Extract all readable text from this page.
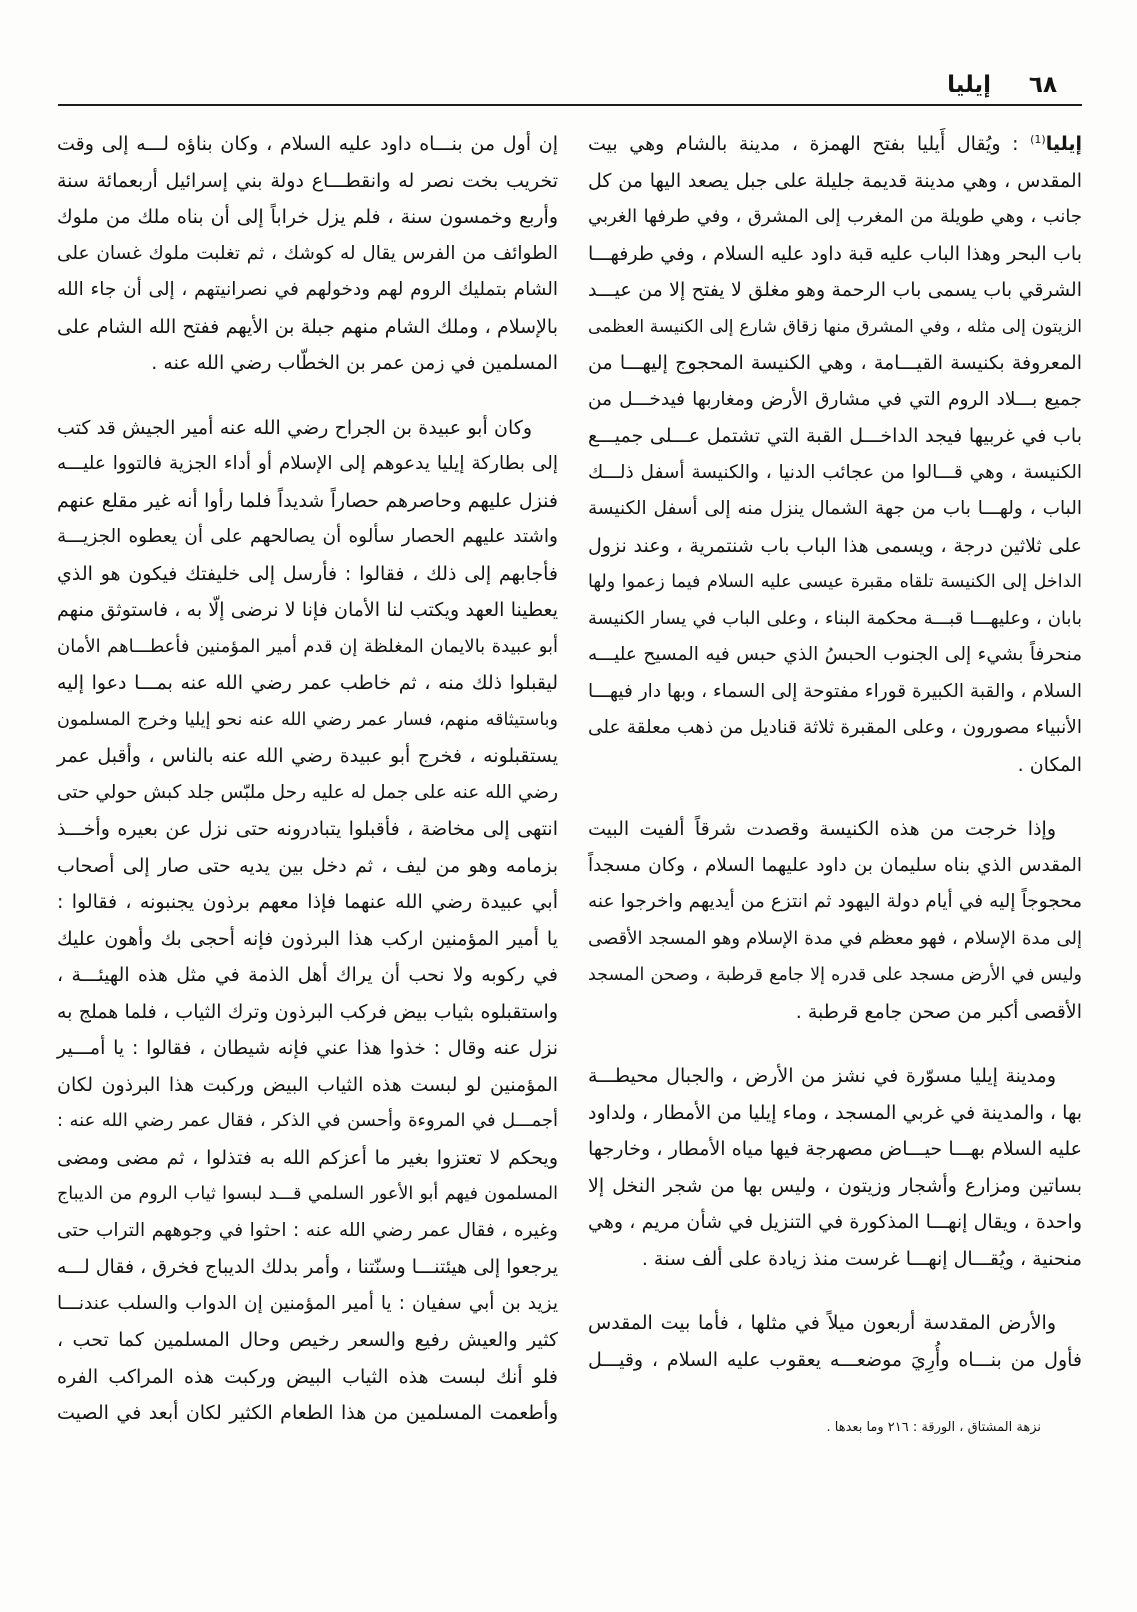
٦٨
إيليا
إيليا$^{(1)}$ : ويُقال أَيليا بفتح الهمزة ، مدينة بالشام وهي بيت
المقدس ، وهي مدينة قديمة جليلة على جبل يصعد اليها من كل
جانب ، وهي طويلة من المغرب إلى المشرق ، وفي طرفها الغربي
باب البحر وهذا الباب عليه قبة داود عليه السلام ، وفي طرفهـــا
الشرقي باب يسمى باب الرحمة وهو مغلق لا يفتح إلا من عيـــد
الزيتون إلى مثله ، وفي المشرق منها زقاق شارع إلى الكنيسة العظمى
المعروفة بكنيسة القيـــامة ، وهي الكنيسة المحجوج إليهـــا من
جميع بـــلاد الروم التي في مشارق الأرض ومغاربها فيدخـــل من
باب في غربيها فيجد الداخـــل القبة التي تشتمل عـــلى جميـــع
الكنيسة ، وهي قـــالوا من عجائب الدنيا ، والكنيسة أسفل ذلـــك
الباب ، ولهـــا باب من جهة الشمال ينزل منه إلى أسفل الكنيسة
على ثلاثين درجة ، ويسمى هذا الباب باب شنتمرية ، وعند نزول
الداخل إلى الكنيسة تلقاه مقبرة عيسى عليه السلام فيما زعموا ولها
بابان ، وعليهـــا قبـــة محكمة البناء ، وعلى الباب في يسار الكنيسة
منحرفاً بشيء إلى الجنوب الحبسُ الذي حبس فيه المسيح عليـــه
السلام ، والقبة الكبيرة قوراء مفتوحة إلى السماء ، وبها دار فيهـــا
الأنبياء مصورون ، وعلى المقبرة ثلاثة قناديل من ذهب معلقة على
المكان .
وإذا خرجت من هذه الكنيسة وقصدت شرقاً ألفيت البيت
المقدس الذي بناه سليمان بن داود عليهما السلام ، وكان مسجداً
محجوجاً إليه في أيام دولة اليهود ثم انتزع من أيديهم واخرجوا عنه
إلى مدة الإسلام ، فهو معظم في مدة الإسلام وهو المسجد الأقصى
وليس في الأرض مسجد على قدره إلا جامع قرطبة ، وصحن المسجد
الأقصى أكبر من صحن جامع قرطبة .
ومدينة إيليا مسوّرة في نشز من الأرض ، والجبال محيطـــة
بها ، والمدينة في غربي المسجد ، وماء إيليا من الأمطار ، ولداود
عليه السلام بهـــا حيـــاض مصهرجة فيها مياه الأمطار ، وخارجها
بساتين ومزارع وأشجار وزيتون ، وليس بها من شجر النخل إلا
واحدة ، ويقال إنهـــا المذكورة في التنزيل في شأن مريم ، وهي
منحنية ، ويُقـــال إنهـــا غرست منذ زيادة على ألف سنة .
والأرض المقدسة أربعون ميلاً في مثلها ، فأما بيت المقدس
فأول من بنـــاه وأُرِيَ موضعـــه يعقوب عليه السلام ، وقيـــل
نزهة المشتاق ، الورقة : ٢١٦ وما بعدها .
إن أول من بنـــاه داود عليه السلام ، وكان بناؤه لـــه إلى وقت
تخريب بخت نصر له وانقطـــاع دولة بني إسرائيل أربعمائة سنة
وأربع وخمسون سنة ، فلم يزل خراباً إلى أن بناه ملك من ملوك
الطوائف من الفرس يقال له كوشك ، ثم تغلبت ملوك غسان على
الشام بتمليك الروم لهم ودخولهم في نصرانيتهم ، إلى أن جاء الله
بالإسلام ، وملك الشام منهم جبلة بن الأيهم ففتح الله الشام على
المسلمين في زمن عمر بن الخطّاب رضي الله عنه .
وكان أبو عبيدة بن الجراح رضي الله عنه أمير الجيش قد كتب
إلى بطاركة إيليا يدعوهم إلى الإسلام أو أداء الجزية فالتووا عليـــه
فنزل عليهم وحاصرهم حصاراً شديداً فلما رأوا أنه غير مقلع عنهم
واشتد عليهم الحصار سألوه أن يصالحهم على أن يعطوه الجزيـــة
فأجابهم إلى ذلك ، فقالوا : فأرسل إلى خليفتك فيكون هو الذي
يعطينا العهد ويكتب لنا الأمان فإنا لا نرضى إلّا به ، فاستوثق منهم
أبو عبيدة بالايمان المغلظة إن قدم أمير المؤمنين فأعطـــاهم الأمان
ليقبلوا ذلك منه ، ثم خاطب عمر رضي الله عنه بمـــا دعوا إليه
وباستيثاقه منهم، فسار عمر رضي الله عنه نحو إيليا وخرج المسلمون
يستقبلونه ، فخرج أبو عبيدة رضي الله عنه بالناس ، وأقبل عمر
رضي الله عنه على جمل له عليه رحل ملبّس جلد كبش حولي حتى
انتهى إلى مخاضة ، فأقبلوا يتبادرونه حتى نزل عن بعيره وأخـــذ
بزمامه وهو من ليف ، ثم دخل بين يديه حتى صار إلى أصحاب
أبي عبيدة رضي الله عنهما فإذا معهم برذون يجنبونه ، فقالوا :
يا أمير المؤمنين اركب هذا البرذون فإنه أحجى بك وأهون عليك
في ركوبه ولا نحب أن يراك أهل الذمة في مثل هذه الهيئـــة ،
واستقبلوه بثياب بيض فركب البرذون وترك الثياب ، فلما هملج به
نزل عنه وقال : خذوا هذا عني فإنه شيطان ، فقالوا : يا أمـــير
المؤمنين لو لبست هذه الثياب البيض وركبت هذا البرذون لكان
أجمـــل في المروءة وأحسن في الذكر ، فقال عمر رضي الله عنه :
ويحكم لا تعتزوا بغير ما أعزكم الله به فتذلوا ، ثم مضى ومضى
المسلمون فيهم أبو الأعور السلمي قـــد لبسوا ثياب الروم من الديباج
وغيره ، فقال عمر رضي الله عنه : احثوا في وجوههم التراب حتى
يرجعوا إلى هيئتنـــا وسنّتنا ، وأمر بدلك الديباج فخرق ، فقال لـــه
يزيد بن أبي سفيان : يا أمير المؤمنين إن الدواب والسلب عندنـــا
كثير والعيش رفيع والسعر رخيص وحال المسلمين كما تحب ،
فلو أنك لبست هذه الثياب البيض وركبت هذه المراكب الفره
وأطعمت المسلمين من هذا الطعام الكثير لكان أبعد في الصيت
